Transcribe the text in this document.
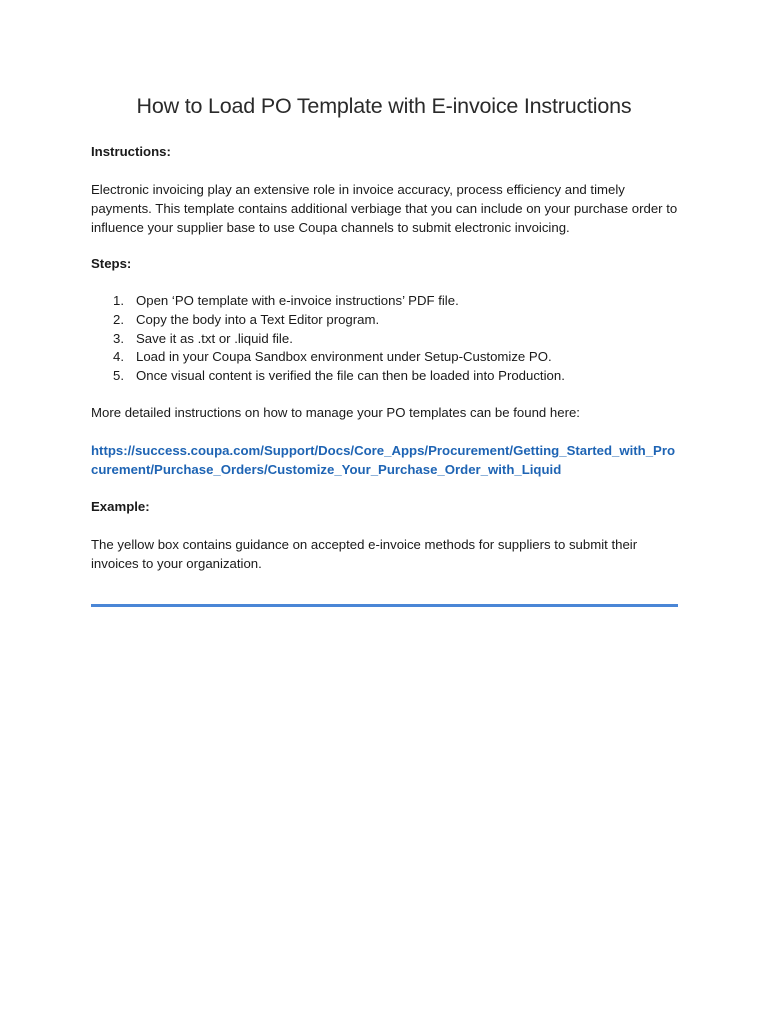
How to Load PO Template with E-invoice Instructions

Instructions:

Electronic invoicing play an extensive role in invoice accuracy, process efficiency and timely payments. This template contains additional verbiage that you can include on your purchase order to influence your supplier base to use Coupa channels to submit electronic invoicing.

Steps:

1. Open ‘PO template with e-invoice instructions’ PDF file.
2. Copy the body into a Text Editor program.
3. Save it as .txt or .liquid file.
4. Load in your Coupa Sandbox environment under Setup-Customize PO.
5. Once visual content is verified the file can then be loaded into Production.

More detailed instructions on how to manage your PO templates can be found here:

https://success.coupa.com/Support/Docs/Core_Apps/Procurement/Getting_Started_with_Procurement/Purchase_Orders/Customize_Your_Purchase_Order_with_Liquid

Example:

The yellow box contains guidance on accepted e-invoice methods for suppliers to submit their invoices to your organization.
